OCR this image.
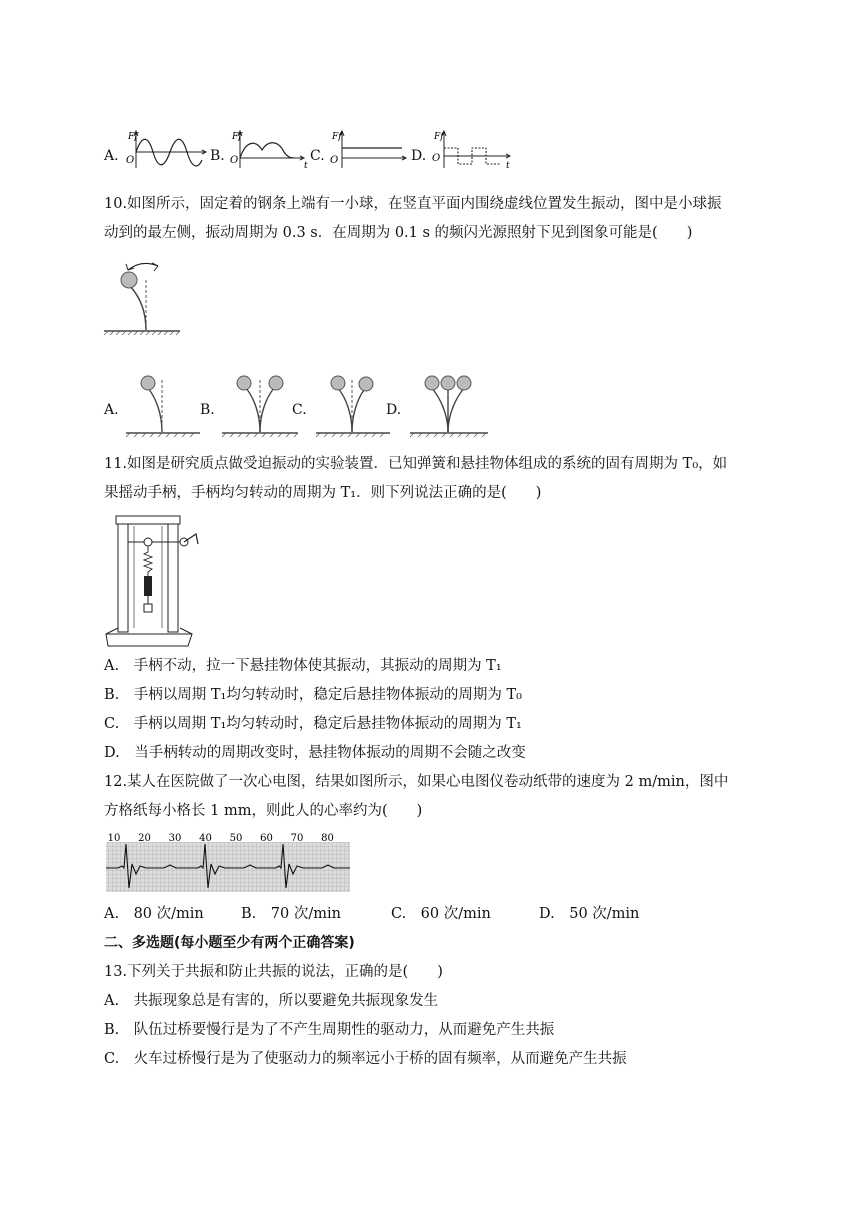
A.	B.	C.	D.
Ff
O
Ff
O	t
Ff
O
Ff
O
t
10.如图所示，固定着的钢条上端有一小球，在竖直平面内围绕虚线位置发生振动，图中是小球振
动到的最左侧，振动周期为 0.3 s．在周期为 0.1 s 的频闪光源照射下见到图象可能是(　　)
A.	B.	C.	D.
11.如图是研究质点做受迫振动的实验装置．已知弹簧和悬挂物体组成的系统的固有周期为 T₀，如
果摇动手柄，手柄均匀转动的周期为 T₁．则下列说法正确的是(　　)
A.　手柄不动，拉一下悬挂物体使其振动，其振动的周期为 T₁
B.　手柄以周期 T₁均匀转动时，稳定后悬挂物体振动的周期为 T₀
C.　手柄以周期 T₁均匀转动时，稳定后悬挂物体振动的周期为 T₁
D.　当手柄转动的周期改变时，悬挂物体振动的周期不会随之改变
12.某人在医院做了一次心电图，结果如图所示，如果心电图仪卷动纸带的速度为 2 m/min，图中
方格纸每小格长 1 mm，则此人的心率约为(　　)
10 20 30 40 50 60 70 80
A.　80 次/min	B.　70 次/min	C.　60 次/min	D.　50 次/min
二、多选题(每小题至少有两个正确答案)
13.下列关于共振和防止共振的说法，正确的是(　　)
A.　共振现象总是有害的，所以要避免共振现象发生
B.　队伍过桥要慢行是为了不产生周期性的驱动力，从而避免产生共振
C.　火车过桥慢行是为了使驱动力的频率远小于桥的固有频率，从而避免产生共振
